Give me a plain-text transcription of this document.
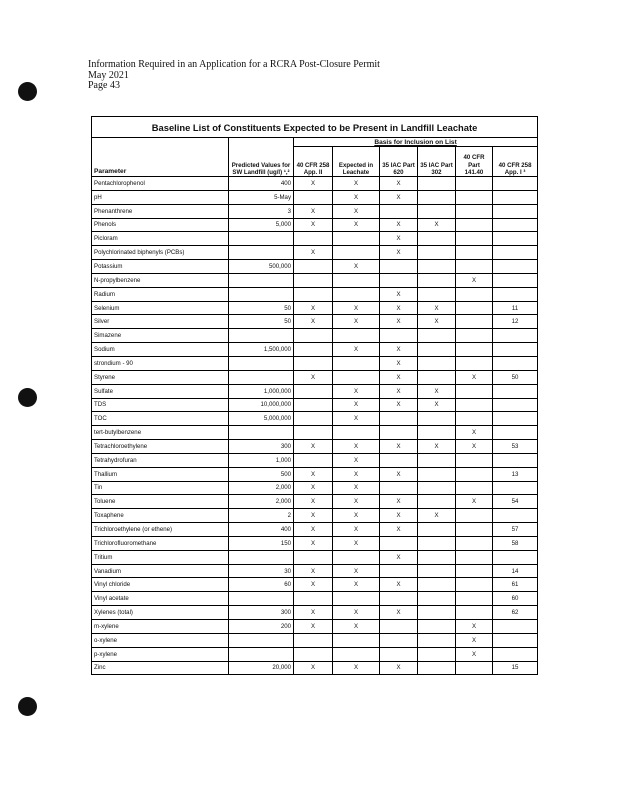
Information Required in an Application for a RCRA Post-Closure Permit
May 2021
Page 43
Baseline List of Constituents Expected to be Present in Landfill Leachate							
Parameter	Predicted Values for SW Landfill (ug/l) ¹,²	Basis for Inclusion on List					
		40 CFR 258 App. II	Expected in Leachate	35 IAC Part 620	35 IAC Part 302	40 CFR Part 141.40	40 CFR 258 App. I ³
Pentachlorophenol	400	X	X	X			
pH	5-May		X	X			
Phenanthrene	3	X	X				
Phenols	5,000	X	X	X	X		
Picloram				X			
Polychlorinated biphenyls (PCBs)		X		X			
Potassium	500,000		X				
N-propylbenzene						X	
Radium				X			
Selenium	50	X	X	X	X		11
Silver	50	X	X	X	X		12
Simazene							
Sodium	1,500,000		X	X			
strondium - 90				X			
Styrene		X		X		X	50
Sulfate	1,000,000		X	X	X		
TDS	10,000,000		X	X	X		
TOC	5,000,000		X				
tert-butylbenzene						X	
Tetrachloroethylene	300	X	X	X	X	X	53
Tetrahydrofuran	1,000		X				
Thallium	500	X	X	X			13
Tin	2,000	X	X				
Toluene	2,000	X	X	X		X	54
Toxaphene	2	X	X	X	X		
Trichloroethylene (or ethene)	400	X	X	X			57
Trichlorofluoromethane	150	X	X				58
Tritium				X			
Vanadium	30	X	X				14
Vinyl chloride	60	X	X	X			61
Vinyl acetate							60
Xylenes (total)	300	X	X	X			62
m-xylene	200	X	X			X	
o-xylene						X	
p-xylene						X	
Zinc	20,000	X	X	X			15
